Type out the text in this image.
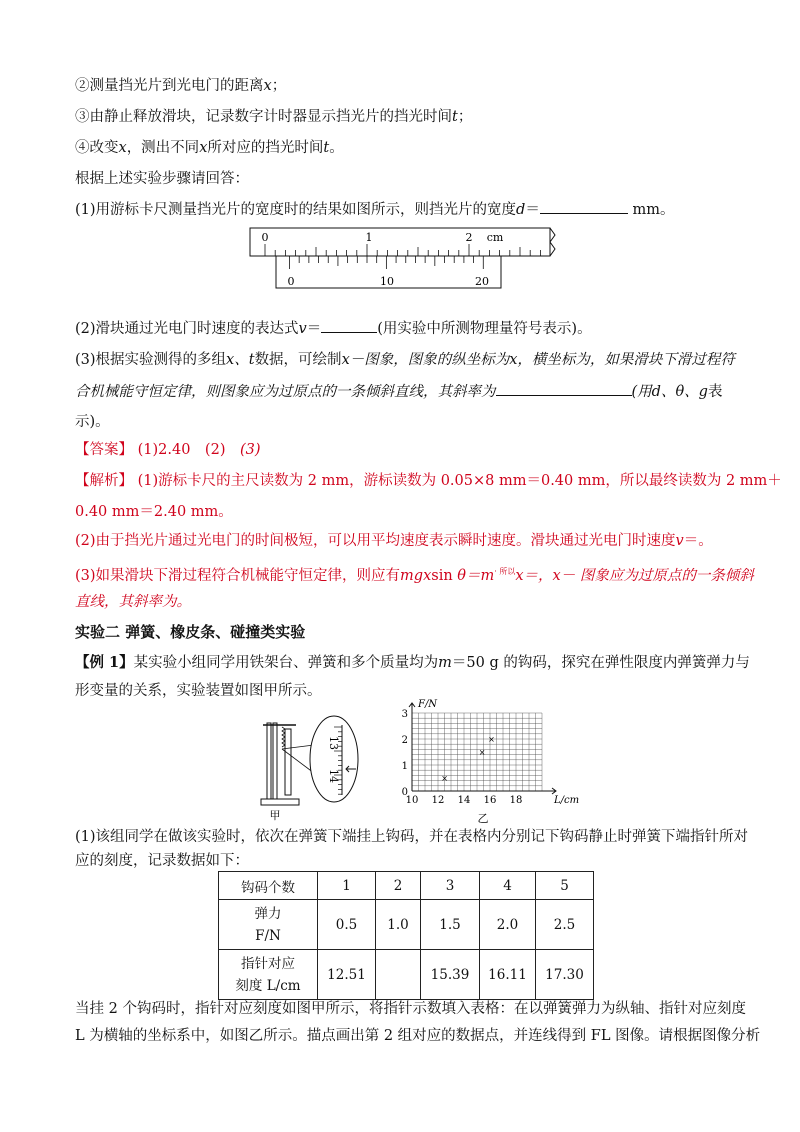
②测量挡光片到光电门的距离x；
③由静止释放滑块，记录数字计时器显示挡光片的挡光时间t；
④改变x，测出不同x所对应的挡光时间t。
根据上述实验步骤请回答：
(1)用游标卡尺测量挡光片的宽度时的结果如图所示，则挡光片的宽度d＝	mm。
0	1	2 cm
0	10	20
(2)滑块通过光电门时速度的表达式v＝	(用实验中所测物理量符号表示)。
(3)根据实验测得的多组x、t数据，可绘制x－图象，图象的纵坐标为x，横坐标为，如果滑块下滑过程符
合机械能守恒定律，则图象应为过原点的一条倾斜直线，其斜率为	(用d、θ、g表
示)。
【答案】 (1)2.40　(2)　(3)
【解析】 (1)游标卡尺的主尺读数为 2 mm，游标读数为 0.05×8 mm＝0.40 mm，所以最终读数为 2 mm＋
0.40 mm＝2.40 mm。
(2)由于挡光片通过光电门的时间极短，可以用平均速度表示瞬时速度。滑块通过光电门时速度v＝。
(3)如果滑块下滑过程符合机械能守恒定律，则应有mgxsin $\theta=m^{\cdot 所以}x=$，x－ 图象应为过原点的一条倾斜
直线，其斜率为。
实验二 弹簧、橡皮条、碰撞类实验
【例 1】某实验小组同学用铁架台、弹簧和多个质量均为m＝50 g 的钩码，探究在弹性限度内弹簧弹力与
形变量的关系，实验装置如图甲所示。
13
14
甲
F/N
L/cm
0
1
2
3
10 12 14 16 18
×
×
×
乙
(1)该组同学在做该实验时，依次在弹簧下端挂上钩码，并在表格内分别记下钩码静止时弹簧下端指针所对
应的刻度，记录数据如下：
钩码个数	1	2	3	4	5
弹力
F/N	0.5	1.0	1.5	2.0	2.5
指针对应
刻度 L/cm	12.51		15.39	16.11	17.30
当挂 2 个钩码时，指针对应刻度如图甲所示，将指针示数填入表格：在以弹簧弹力为纵轴、指针对应刻度
L 为横轴的坐标系中，如图乙所示。描点画出第 2 组对应的数据点，并连线得到 FL 图像。请根据图像分析
